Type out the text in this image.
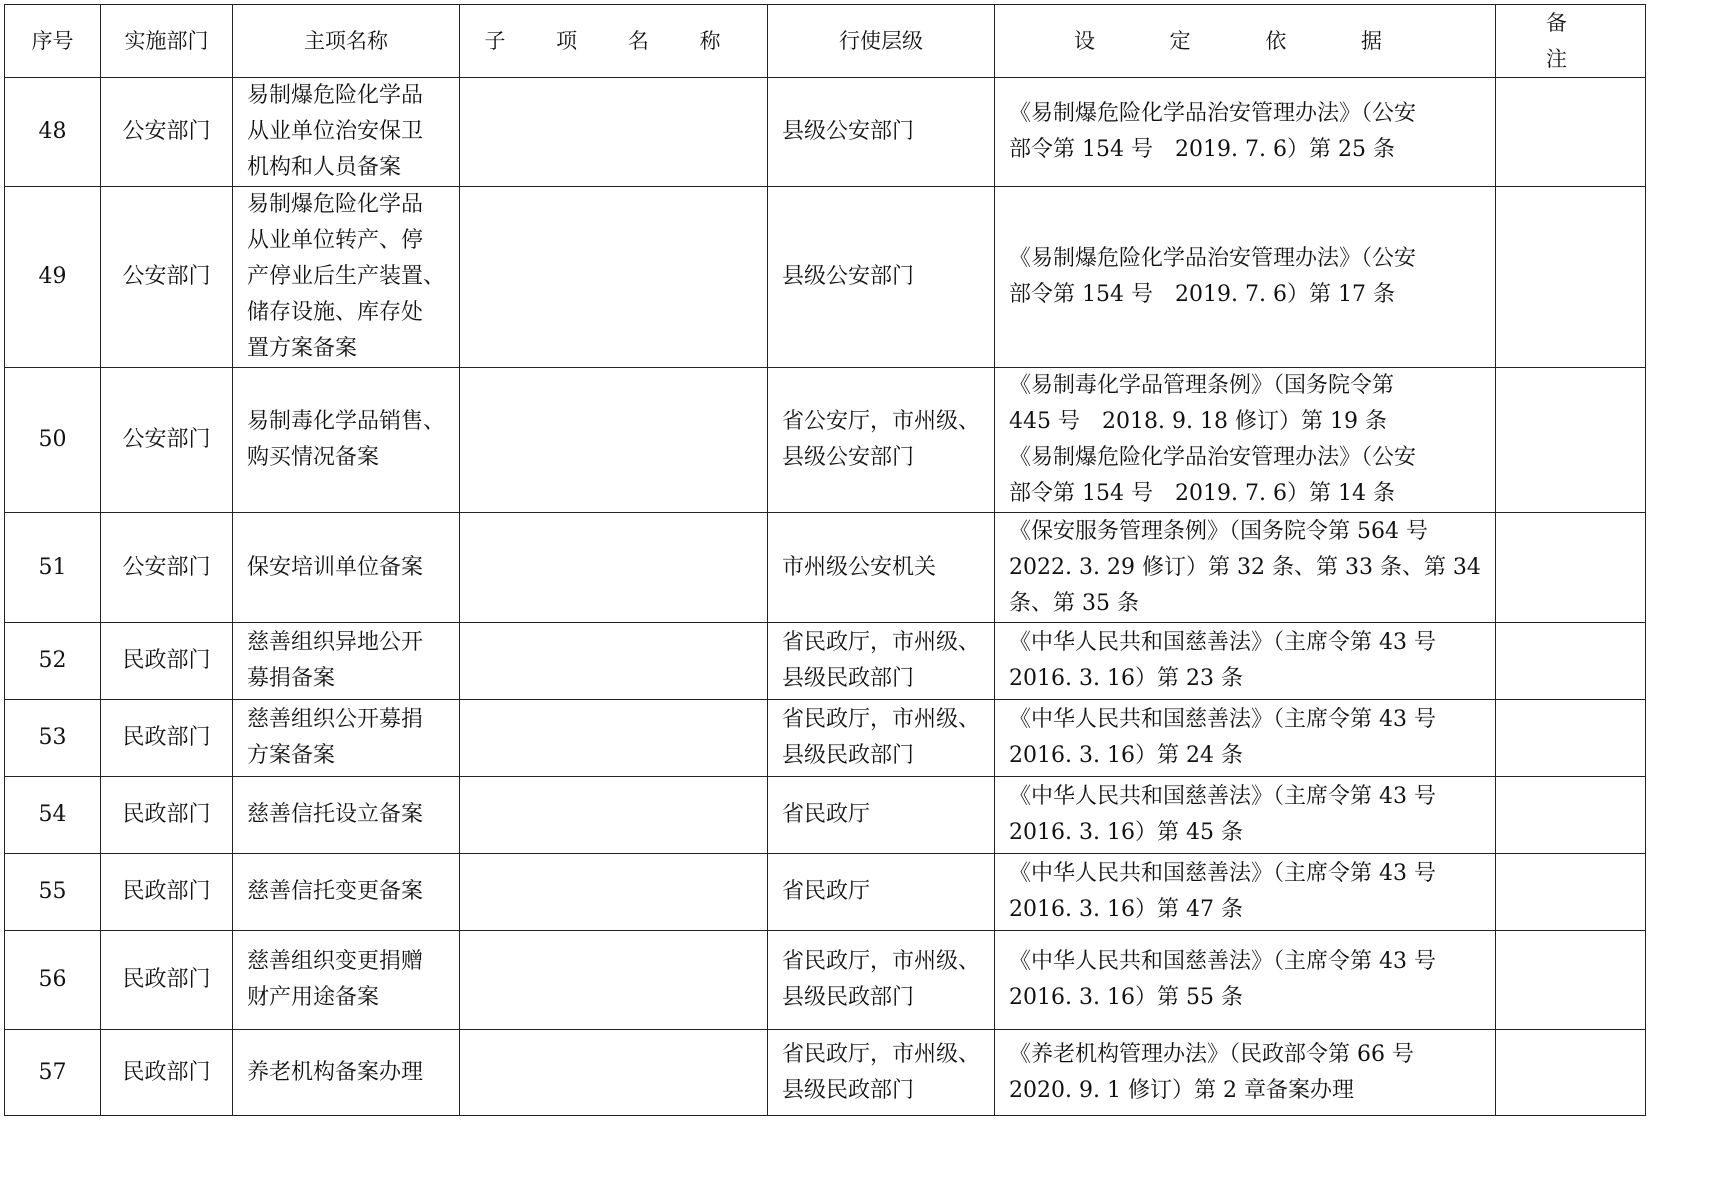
序号	实施部门	主项名称	子 项 名 称	行使层级	设 定 依 据	备 注
48	公安部门	易制爆危险化学品
从业单位治安保卫
机构和人员备案		县级公安部门	《易制爆危险化学品治安管理办法》（公安
部令第 154 号　2019. 7. 6）第 25 条	

49	公安部门	易制爆危险化学品
从业单位转产、停
产停业后生产装置、
储存设施、库存处
置方案备案		县级公安部门	《易制爆危险化学品治安管理办法》（公安
部令第 154 号　2019. 7. 6）第 17 条	

50	公安部门	易制毒化学品销售、
购买情况备案		省公安厅，市州级、
县级公安部门	《易制毒化学品管理条例》（国务院令第
445 号　2018. 9. 18 修订）第 19 条
《易制爆危险化学品治安管理办法》（公安
部令第 154 号　2019. 7. 6）第 14 条	

51	公安部门	保安培训单位备案		市州级公安机关	《保安服务管理条例》（国务院令第 564 号
2022. 3. 29 修订）第 32 条、第 33 条、第 34
条、第 35 条	

52	民政部门	慈善组织异地公开
募捐备案		省民政厅，市州级、
县级民政部门	《中华人民共和国慈善法》（主席令第 43 号
2016. 3. 16）第 23 条	

53	民政部门	慈善组织公开募捐
方案备案		省民政厅，市州级、
县级民政部门	《中华人民共和国慈善法》（主席令第 43 号
2016. 3. 16）第 24 条	

54	民政部门	慈善信托设立备案		省民政厅	《中华人民共和国慈善法》（主席令第 43 号
2016. 3. 16）第 45 条	

55	民政部门	慈善信托变更备案		省民政厅	《中华人民共和国慈善法》（主席令第 43 号
2016. 3. 16）第 47 条	

56	民政部门	慈善组织变更捐赠
财产用途备案		省民政厅，市州级、
县级民政部门	《中华人民共和国慈善法》（主席令第 43 号
2016. 3. 16）第 55 条	

57	民政部门	养老机构备案办理		省民政厅，市州级、
县级民政部门	《养老机构管理办法》（民政部令第 66 号
2020. 9. 1 修订）第 2 章备案办理	
